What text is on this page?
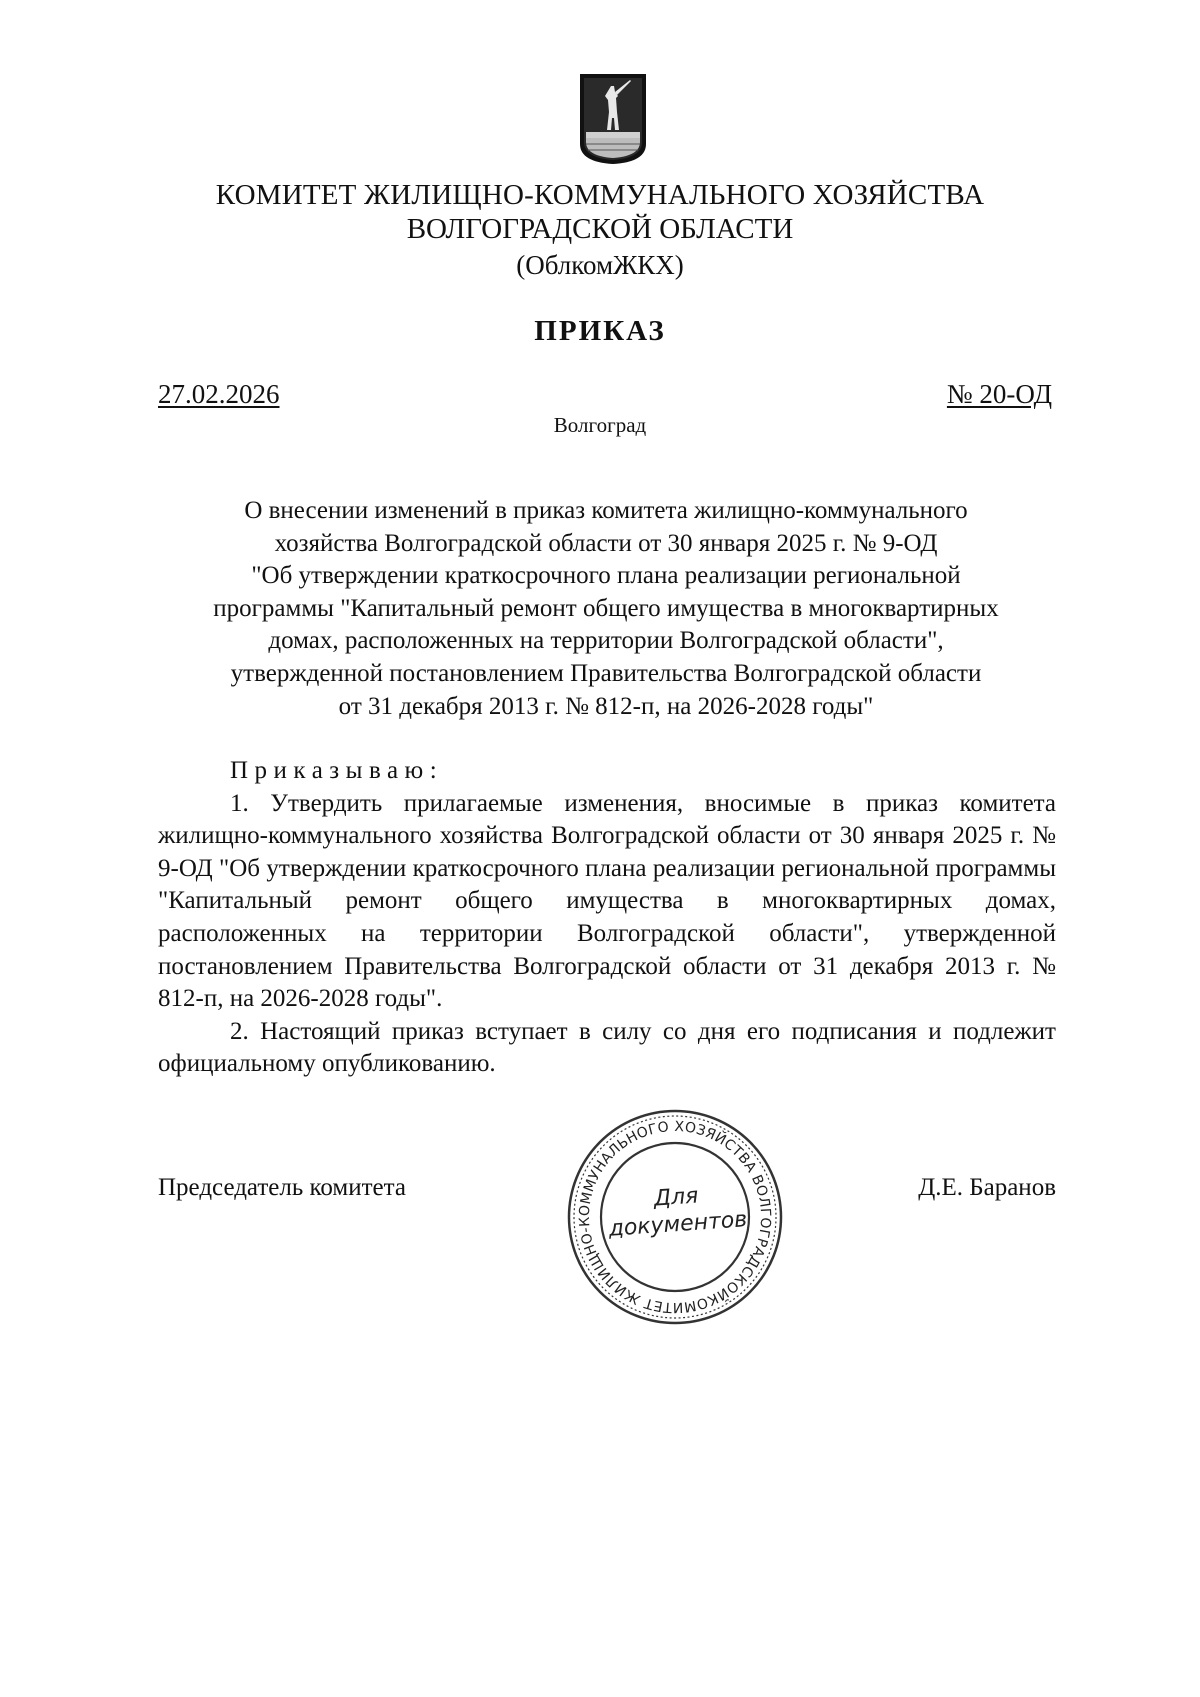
КОМИТЕТ ЖИЛИЩНО-КОММУНАЛЬНОГО ХОЗЯЙСТВА
ВОЛГОГРАДСКОЙ ОБЛАСТИ
(ОблкомЖКХ)
ПРИКАЗ
27.02.2026	№ 20-ОД
Волгоград
О внесении изменений в приказ комитета жилищно-коммунального
хозяйства Волгоградской области от 30 января 2025 г. № 9-ОД
"Об утверждении краткосрочного плана реализации региональной
программы "Капитальный ремонт общего имущества в многоквартирных
домах, расположенных на территории Волгоградской области",
утвержденной постановлением Правительства Волгоградской области
от 31 декабря 2013 г. № 812-п, на 2026-2028 годы"
Приказываю:

1. Утвердить прилагаемые изменения, вносимые в приказ комитета жилищно-коммунального хозяйства Волгоградской области от 30 января 2025 г. № 9-ОД "Об утверждении краткосрочного плана реализации региональной программы "Капитальный ремонт общего имущества в многоквартирных домах, расположенных на территории Волгоградской области", утвержденной постановлением Правительства Волгоградской области от 31 декабря 2013 г. № 812-п, на 2026-2028 годы".

2. Настоящий приказ вступает в силу со дня его подписания и подлежит официальному опубликованию.

Председатель комитета	Д.Е. Баранов
КОМИТЕТ ЖИЛИЩНО-КОММУНАЛЬНОГО ХОЗЯЙСТВА ВОЛГОГРАДСКОЙ
Для
документов
